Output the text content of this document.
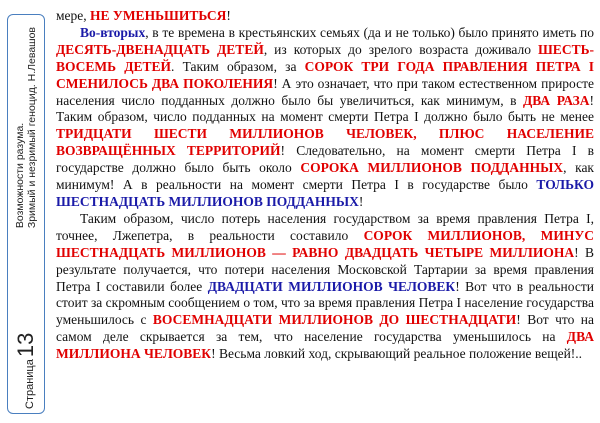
Страница
13
Возможности разума. Зримый и незримый геноцид. Н.Левашов

мере, НЕ УМЕНЬШИТЬСЯ!

Во-вторых, в те времена в крестьянских семьях (да и не только) было принято иметь по ДЕСЯТЬ-ДВЕНАДЦАТЬ ДЕТЕЙ, из которых до зрелого возраста доживало ШЕСТЬ- ВОСЕМЬ ДЕТЕЙ. Таким образом, за СОРОК ТРИ ГОДА ПРАВЛЕНИЯ ПЕТРА I СМЕНИЛОСЬ ДВА ПОКОЛЕНИЯ! А это означает, что при таком естественном приросте населения число подданных должно было бы увеличиться, как минимум, в ДВА РАЗА! Таким образом, число подданных на момент смерти Петра I должно было быть не менее ТРИДЦАТИ ШЕСТИ МИЛЛИОНОВ ЧЕЛОВЕК, ПЛЮС НАСЕЛЕНИЕ ВОЗВРАЩЁННЫХ ТЕРРИТОРИЙ! Следовательно, на момент смерти Петра I в государстве должно было быть около СОРОКА МИЛЛИОНОВ ПОДДАННЫХ, как минимум! А в реальности на момент смерти Петра I в государстве было ТОЛЬКО ШЕСТНАДЦАТЬ МИЛЛИОНОВ ПОДДАННЫХ!

Таким образом, число потерь населения государством за время правления Петра I, точнее, Лжепетра, в реальности составило СОРОК МИЛЛИОНОВ, МИНУС ШЕСТНАДЦАТЬ МИЛЛИОНОВ — РАВНО ДВАДЦАТЬ ЧЕТЫРЕ МИЛЛИОНА! В результате получается, что потери населения Московской Тартарии за время правления Петра I составили более ДВАДЦАТИ МИЛЛИОНОВ ЧЕЛОВЕК! Вот что в реальности стоит за скромным сообщением о том, что за время правления Петра I население государства уменьшилось с ВОСЕМНАДЦАТИ МИЛЛИОНОВ ДО ШЕСТНАДЦАТИ! Вот что на самом деле скрывается за тем, что население государства уменьшилось на ДВА МИЛЛИОНА ЧЕЛОВЕК! Весьма ловкий ход, скрывающий реальное положение вещей!..
